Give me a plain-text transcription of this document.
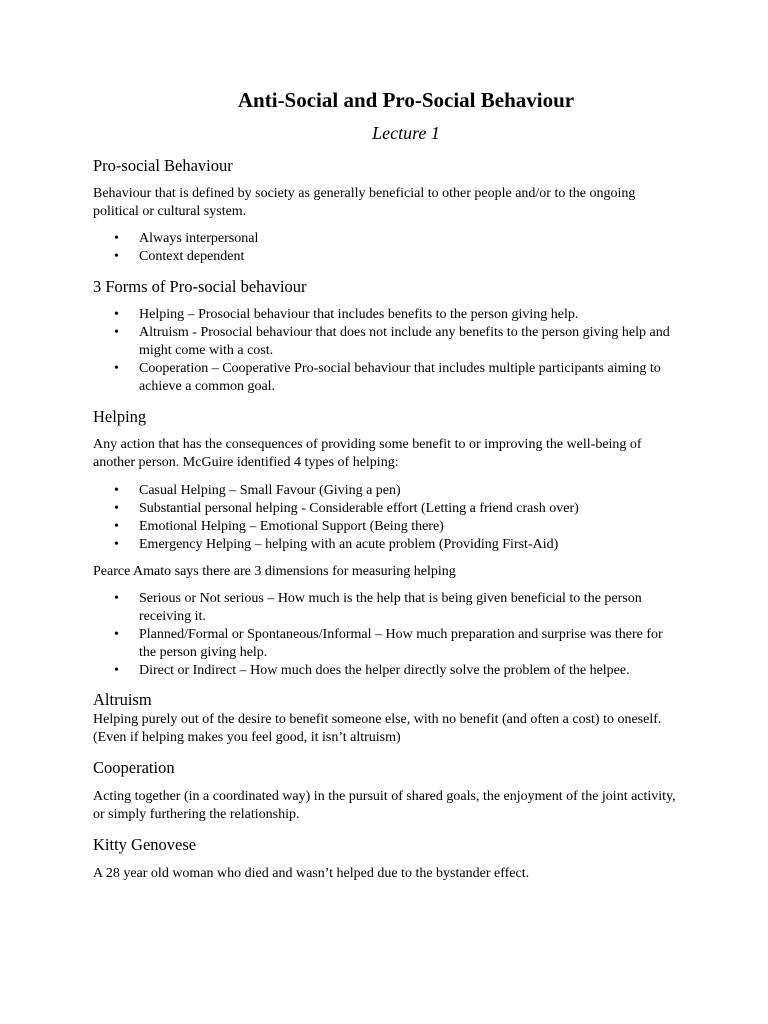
Anti-Social and Pro-Social Behaviour
Lecture 1
Pro-social Behaviour

Behaviour that is defined by society as generally beneficial to other people and/or to the ongoing political or cultural system.

• Always interpersonal
• Context dependent
3 Forms of Pro-social behaviour
• Helping – Prosocial behaviour that includes benefits to the person giving help.
• Altruism - Prosocial behaviour that does not include any benefits to the person giving help and might come with a cost.
• Cooperation – Cooperative Pro-social behaviour that includes multiple participants aiming to achieve a common goal.
Helping

Any action that has the consequences of providing some benefit to or improving the well-being of another person. McGuire identified 4 types of helping:

• Casual Helping – Small Favour (Giving a pen)
• Substantial personal helping - Considerable effort (Letting a friend crash over)
• Emotional Helping – Emotional Support (Being there)
• Emergency Helping – helping with an acute problem (Providing First-Aid)

Pearce Amato says there are 3 dimensions for measuring helping

• Serious or Not serious – How much is the help that is being given beneficial to the person receiving it.
• Planned/Formal or Spontaneous/Informal – How much preparation and surprise was there for the person giving help.
• Direct or Indirect – How much does the helper directly solve the problem of the helpee.
Altruism

Helping purely out of the desire to benefit someone else, with no benefit (and often a cost) to oneself. (Even if helping makes you feel good, it isn’t altruism)

Cooperation

Acting together (in a coordinated way) in the pursuit of shared goals, the enjoyment of the joint activity, or simply furthering the relationship.

Kitty Genovese

A 28 year old woman who died and wasn’t helped due to the bystander effect.
